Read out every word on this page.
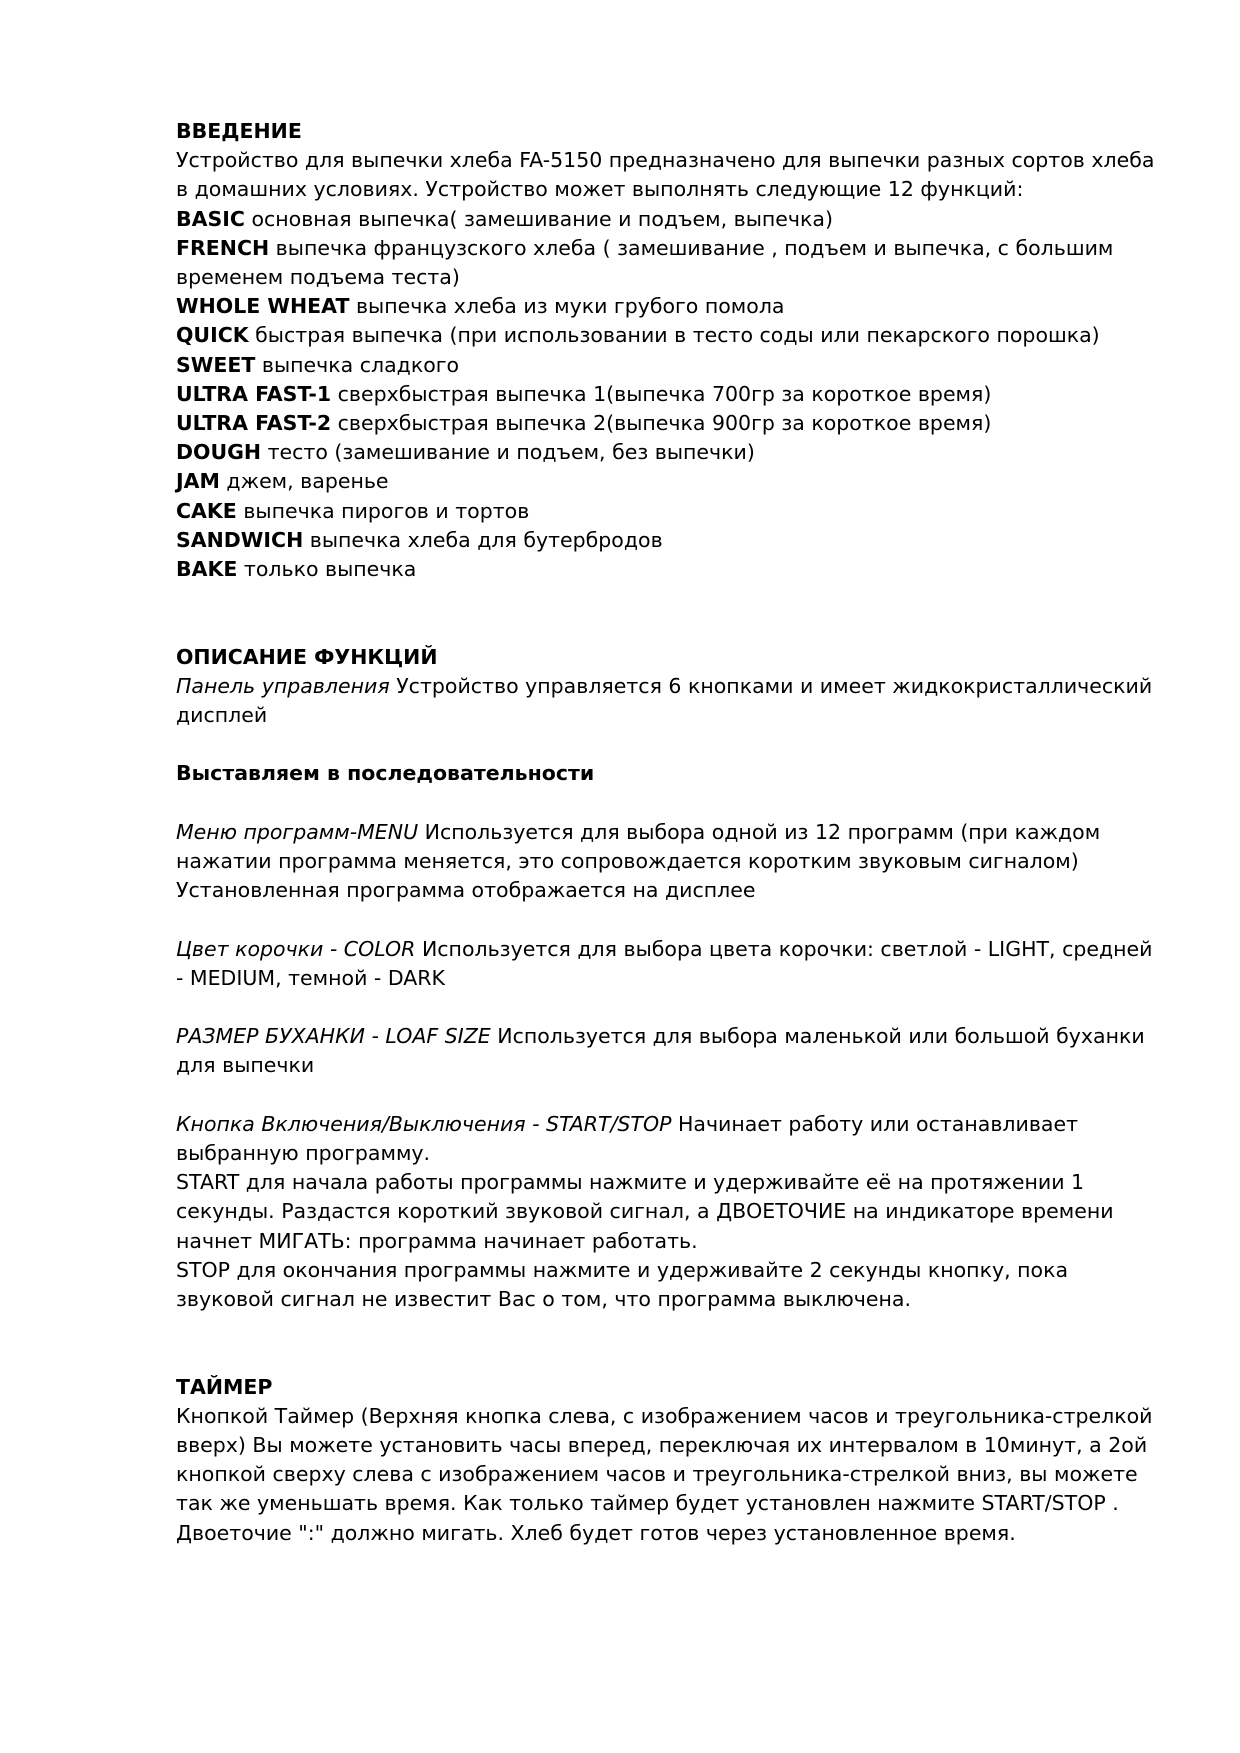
ВВЕДЕНИЕ

Устройство для выпечки хлеба FA-5150 предназначено для выпечки разных сортов хлеба в домашних условиях. Устройство может выполнять следующие 12 функций:

BASIC основная выпечка( замешивание и подъем, выпечка)

FRENCH выпечка французского хлеба ( замешивание , подъем и выпечка, с большим временем подъема теста)

WHOLE WHEAT выпечка хлеба из муки грубого помола

QUICK быстрая выпечка (при использовании в тесто соды или пекарского порошка)

SWEET выпечка сладкого

ULTRA FAST-1 сверхбыстрая выпечка 1(выпечка 700гр за короткое время)

ULTRA FAST-2 сверхбыстрая выпечка 2(выпечка 900гр за короткое время)

DOUGH тесто (замешивание и подъем, без выпечки)

JAM джем, варенье

CAKE выпечка пирогов и тортов

SANDWICH выпечка хлеба для бутербродов

BAKE только выпечка

ОПИСАНИЕ ФУНКЦИЙ

Панель управления Устройство управляется 6 кнопками и имеет жидкокристаллический дисплей

Выставляем в последовательности

Меню программ-MENU Используется для выбора одной из 12 программ (при каждом нажатии программа меняется, это сопровождается коротким звуковым сигналом)

Установленная программа отображается на дисплее

Цвет корочки - COLOR Используется для выбора цвета корочки: светлой - LIGHT, средней - MEDIUM, темной - DARK

РАЗМЕР БУХАНКИ - LOAF SIZE Используется для выбора маленькой или большой буханки для выпечки

Кнопка Включения/Выключения - START/STOP Начинает работу или останавливает выбранную программу.

START для начала работы программы нажмите и удерживайте её на протяжении 1 секунды. Раздастся короткий звуковой сигнал, а ДВОЕТОЧИЕ на индикаторе времени начнет МИГАТЬ: программа начинает работать.

STOP для окончания программы нажмите и удерживайте 2 секунды кнопку, пока звуковой сигнал не известит Вас о том, что программа выключена.

ТАЙМЕР

Кнопкой Таймер (Верхняя кнопка слева, с изображением часов и треугольника-стрелкой вверх) Вы можете установить часы вперед, переключая их интервалом в 10минут, а 2ой кнопкой сверху слева с изображением часов и треугольника-стрелкой вниз, вы можете так же уменьшать время. Как только таймер будет установлен нажмите START/STOP . Двоеточие ":" должно мигать. Хлеб будет готов через установленное время.
